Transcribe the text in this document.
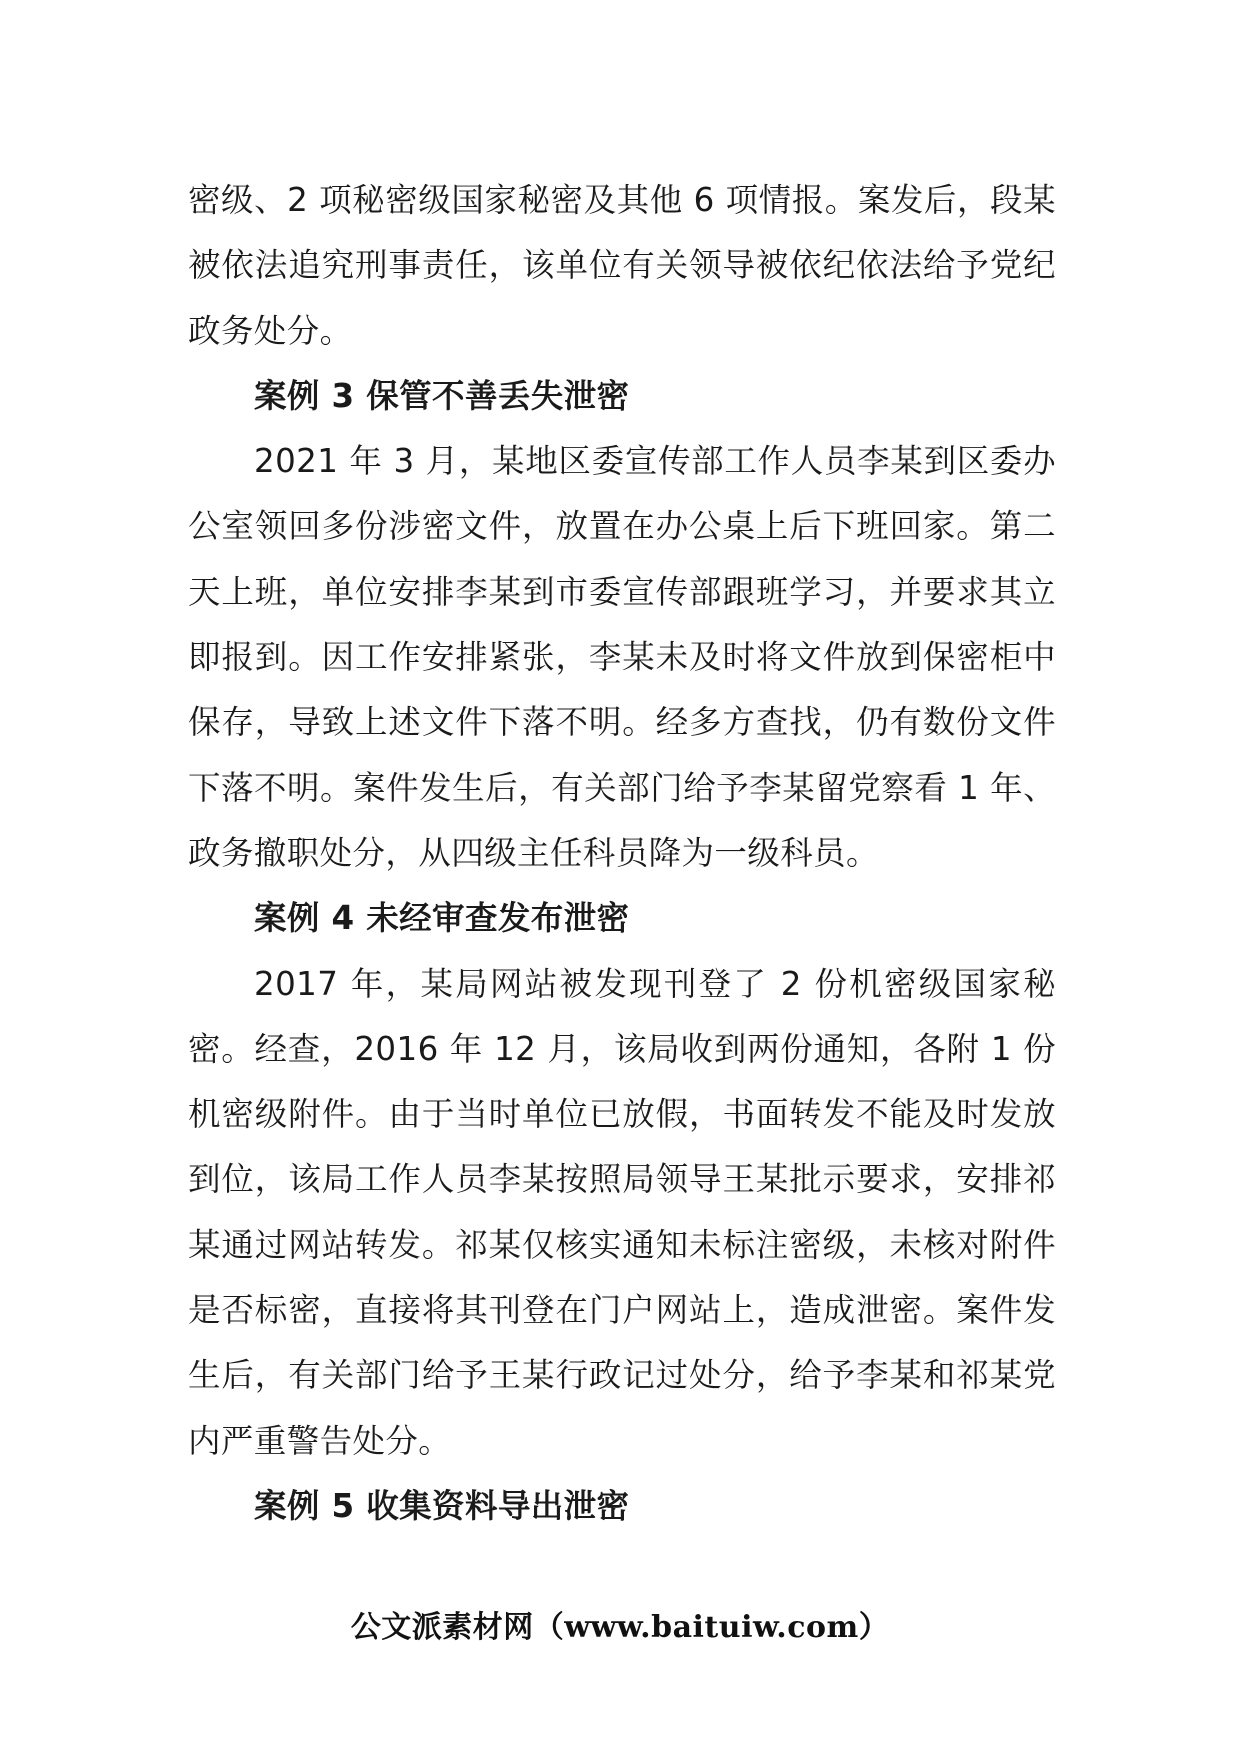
密级、2 项秘密级国家秘密及其他 6 项情报。案发后，段某被依法追究刑事责任，该单位有关领导被依纪依法给予党纪政务处分。

案例 3 保管不善丢失泄密

2021 年 3 月，某地区委宣传部工作人员李某到区委办公室领回多份涉密文件，放置在办公桌上后下班回家。第二天上班，单位安排李某到市委宣传部跟班学习，并要求其立即报到。因工作安排紧张，李某未及时将文件放到保密柜中保存，导致上述文件下落不明。经多方查找，仍有数份文件下落不明。案件发生后，有关部门给予李某留党察看 1 年、政务撤职处分，从四级主任科员降为一级科员。

案例 4 未经审查发布泄密

2017 年，某局网站被发现刊登了 2 份机密级国家秘密。经查，2016 年 12 月，该局收到两份通知，各附 1 份机密级附件。由于当时单位已放假，书面转发不能及时发放到位，该局工作人员李某按照局领导王某批示要求，安排祁某通过网站转发。祁某仅核实通知未标注密级，未核对附件是否标密，直接将其刊登在门户网站上，造成泄密。案件发生后，有关部门给予王某行政记过处分，给予李某和祁某党内严重警告处分。

案例 5 收集资料导出泄密

公文派素材网（www.baituiw.com）
